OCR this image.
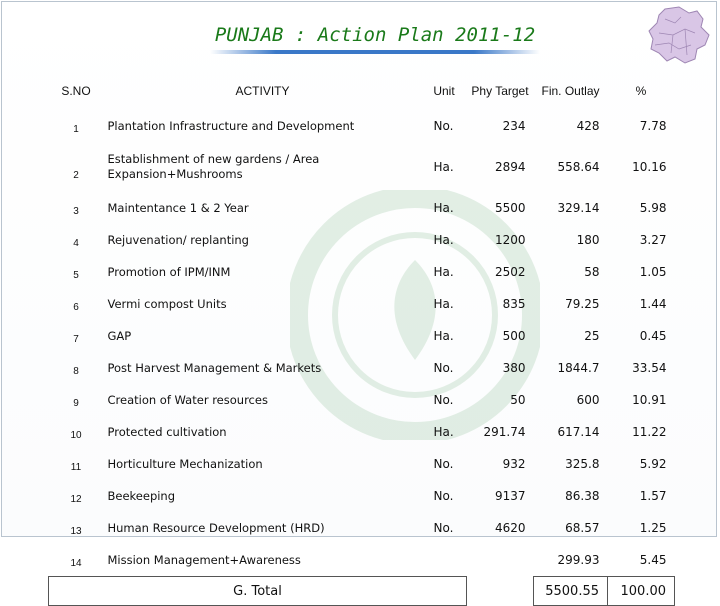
PUNJAB : Action Plan 2011-12
S.NO	ACTIVITY	Unit	Phy Target	Fin. Outlay	%
1	Plantation Infrastructure and Development	No.	234	428	7.78
2	Establishment of new gardens / Area Expansion+Mushrooms	Ha.	2894	558.64	10.16
3	Maintentance 1 & 2 Year	Ha.	5500	329.14	5.98
4	Rejuvenation/ replanting	Ha.	1200	180	3.27
5	Promotion of IPM/INM	Ha.	2502	58	1.05
6	Vermi compost Units	Ha.	835	79.25	1.44
7	GAP	Ha.	500	25	0.45
8	Post Harvest Management & Markets	No.	380	1844.7	33.54
9	Creation of Water resources	No.	50	600	10.91
10	Protected cultivation	Ha.	291.74	617.14	11.22
11	Horticulture Mechanization	No.	932	325.8	5.92
12	Beekeeping	No.	9137	86.38	1.57
13	Human Resource Development (HRD)	No.	4620	68.57	1.25
14	Mission Management+Awareness			299.93	5.45
G. Total				5500.55	100.00
